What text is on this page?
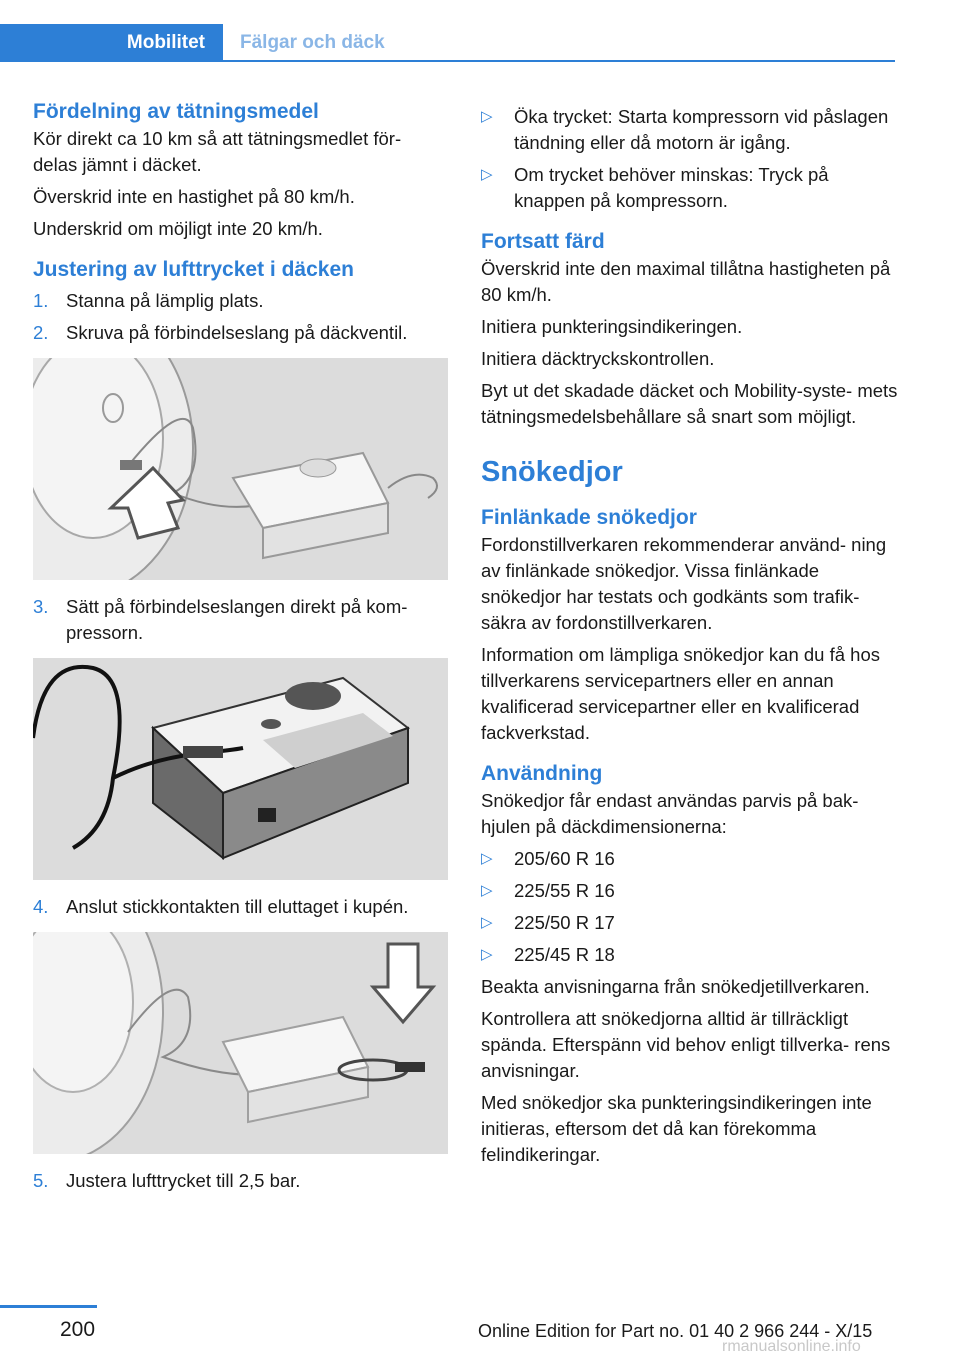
Mobilitet	Fälgar och däck
Fördelning av tätningsmedel

Kör direkt ca 10 km så att tätningsmedlet för‐ delas jämnt i däcket.

Överskrid inte en hastighet på 80 km/h.

Underskrid om möjligt inte 20 km/h.

Justering av lufttrycket i däcken
1. Stanna på lämplig plats.
2. Skruva på förbindelseslang på däckventil.
3. Sätt på förbindelseslangen direkt på kom‐ pressorn.
4. Anslut stickkontakten till eluttaget i kupén.
5. Justera lufttrycket till 2,5 bar.
▷	Öka trycket: Starta kompressorn vid påslagen tändning eller då motorn är igång.
▷	Om trycket behöver minskas: Tryck på knappen på kompressorn.
Fortsatt färd

Överskrid inte den maximal tillåtna hastigheten på 80 km/h.

Initiera punkteringsindikeringen.

Initiera däcktryckskontrollen.

Byt ut det skadade däcket och Mobility-syste‐ mets tätningsmedelsbehållare så snart som möjligt.

Snökedjor
Finlänkade snökedjor

Fordonstillverkaren rekommenderar använd‐ ning av finlänkade snökedjor. Vissa finlänkade snökedjor har testats och godkänts som trafik‐ säkra av fordonstillverkaren.

Information om lämpliga snökedjor kan du få hos tillverkarens servicepartners eller en annan kvalificerad servicepartner eller en kvalificerad fackverkstad.

Användning

Snökedjor får endast användas parvis på bak‐ hjulen på däckdimensionerna:

▷	205/60 R 16
▷	225/55 R 16
▷	225/50 R 17
▷	225/45 R 18

Beakta anvisningarna från snökedjetillverkaren.

Kontrollera att snökedjorna alltid är tillräckligt spända. Efterspänn vid behov enligt tillverka‐ rens anvisningar.

Med snökedjor ska punkteringsindikeringen inte initieras, eftersom det då kan förekomma felindikeringar.

200	Online Edition for Part no. 01 40 2 966 244 - X/15
rmanualsonline.info
